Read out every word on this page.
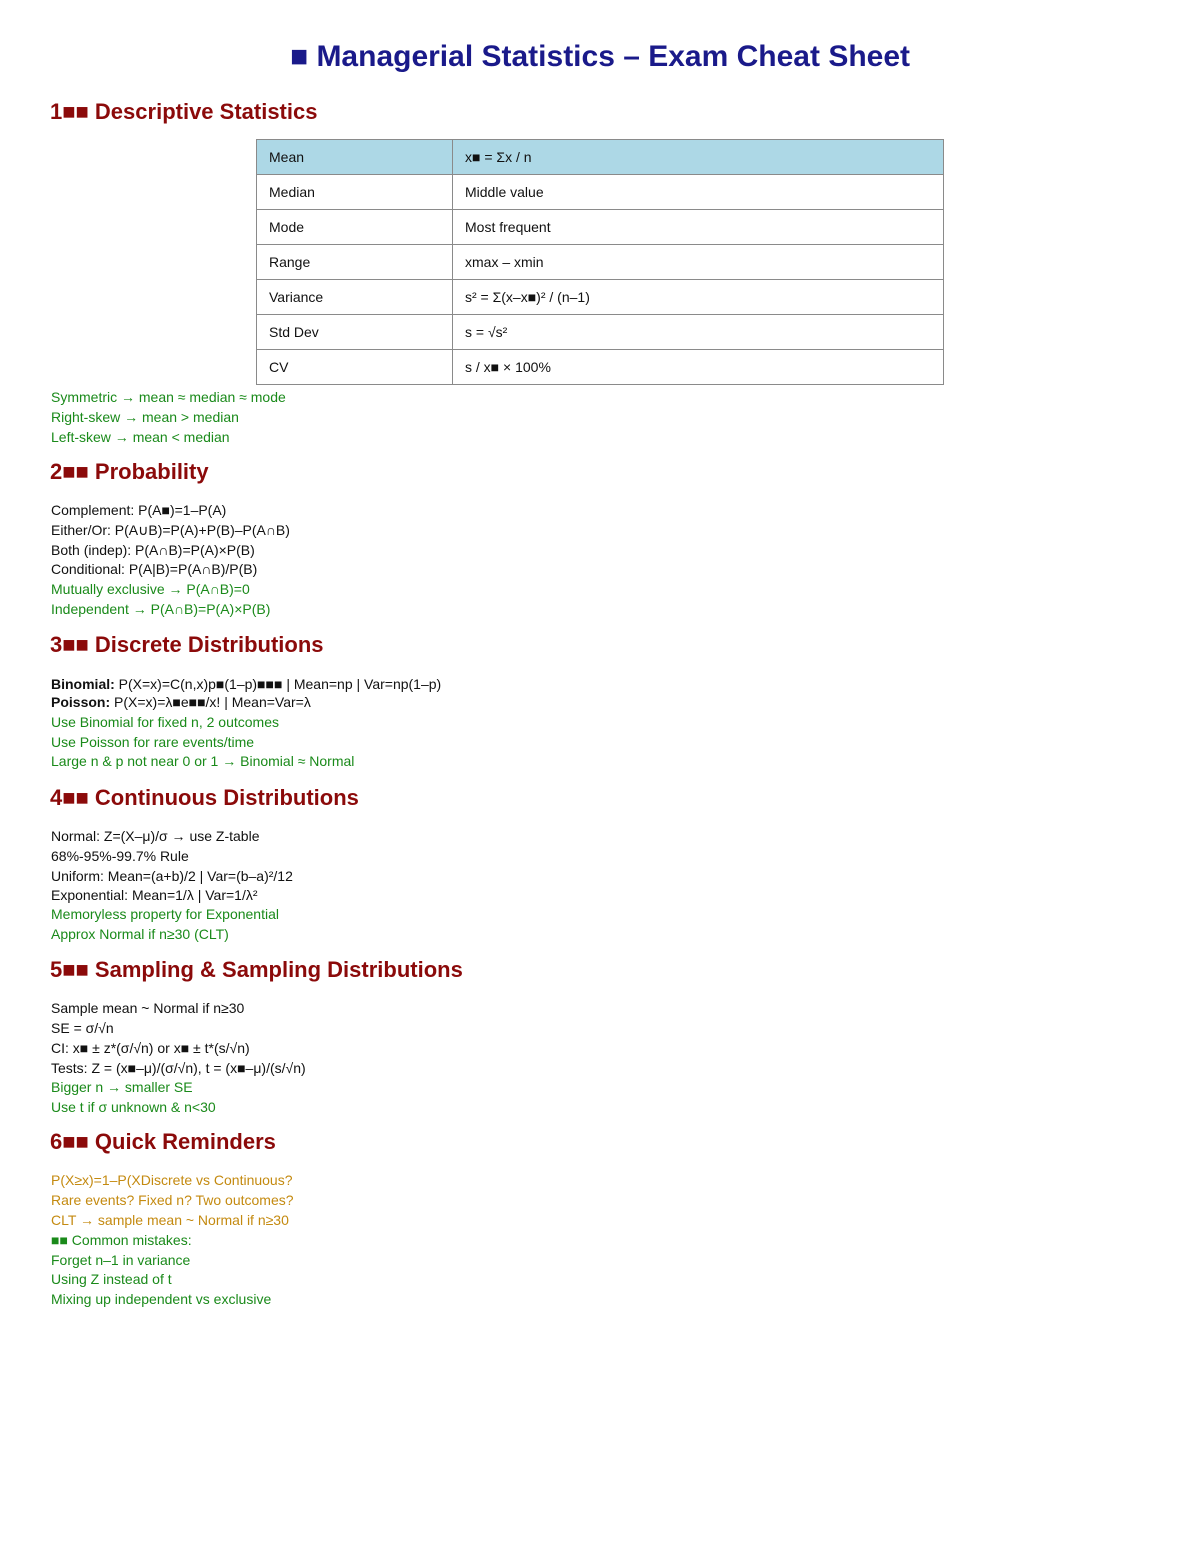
■ Managerial Statistics – Exam Cheat Sheet
1■■ Descriptive Statistics
Mean	x■ = Σx / n
Median	Middle value
Mode	Most frequent
Range	xmax – xmin
Variance	s² = Σ(x–x■)² / (n–1)
Std Dev	s = √s²
CV	s / x■ × 100%
Symmetric → mean ≈ median ≈ mode
Right-skew → mean > median
Left-skew → mean < median
2■■ Probability
Complement: P(A■)=1–P(A)
Either/Or: P(A∪B)=P(A)+P(B)–P(A∩B)
Both (indep): P(A∩B)=P(A)×P(B)
Conditional: P(A|B)=P(A∩B)/P(B)
Mutually exclusive → P(A∩B)=0
Independent → P(A∩B)=P(A)×P(B)
3■■ Discrete Distributions
Binomial: P(X=x)=C(n,x)p■(1–p)■■■ | Mean=np | Var=np(1–p)
Poisson: P(X=x)=λ■e■■/x! | Mean=Var=λ
Use Binomial for fixed n, 2 outcomes
Use Poisson for rare events/time
Large n & p not near 0 or 1 → Binomial ≈ Normal
4■■ Continuous Distributions
Normal: Z=(X–μ)/σ → use Z-table
68%-95%-99.7% Rule
Uniform: Mean=(a+b)/2 | Var=(b–a)²/12
Exponential: Mean=1/λ | Var=1/λ²
Memoryless property for Exponential
Approx Normal if n≥30 (CLT)
5■■ Sampling & Sampling Distributions
Sample mean ~ Normal if n≥30
SE = σ/√n
CI: x■ ± z*(σ/√n) or x■ ± t*(s/√n)
Tests: Z = (x■–μ)/(σ/√n), t = (x■–μ)/(s/√n)
Bigger n → smaller SE
Use t if σ unknown & n<30
6■■ Quick Reminders
P(X≥x)=1–P(XDiscrete vs Continuous?
Rare events? Fixed n? Two outcomes?
CLT → sample mean ~ Normal if n≥30
■■ Common mistakes:
Forget n–1 in variance
Using Z instead of t
Mixing up independent vs exclusive
